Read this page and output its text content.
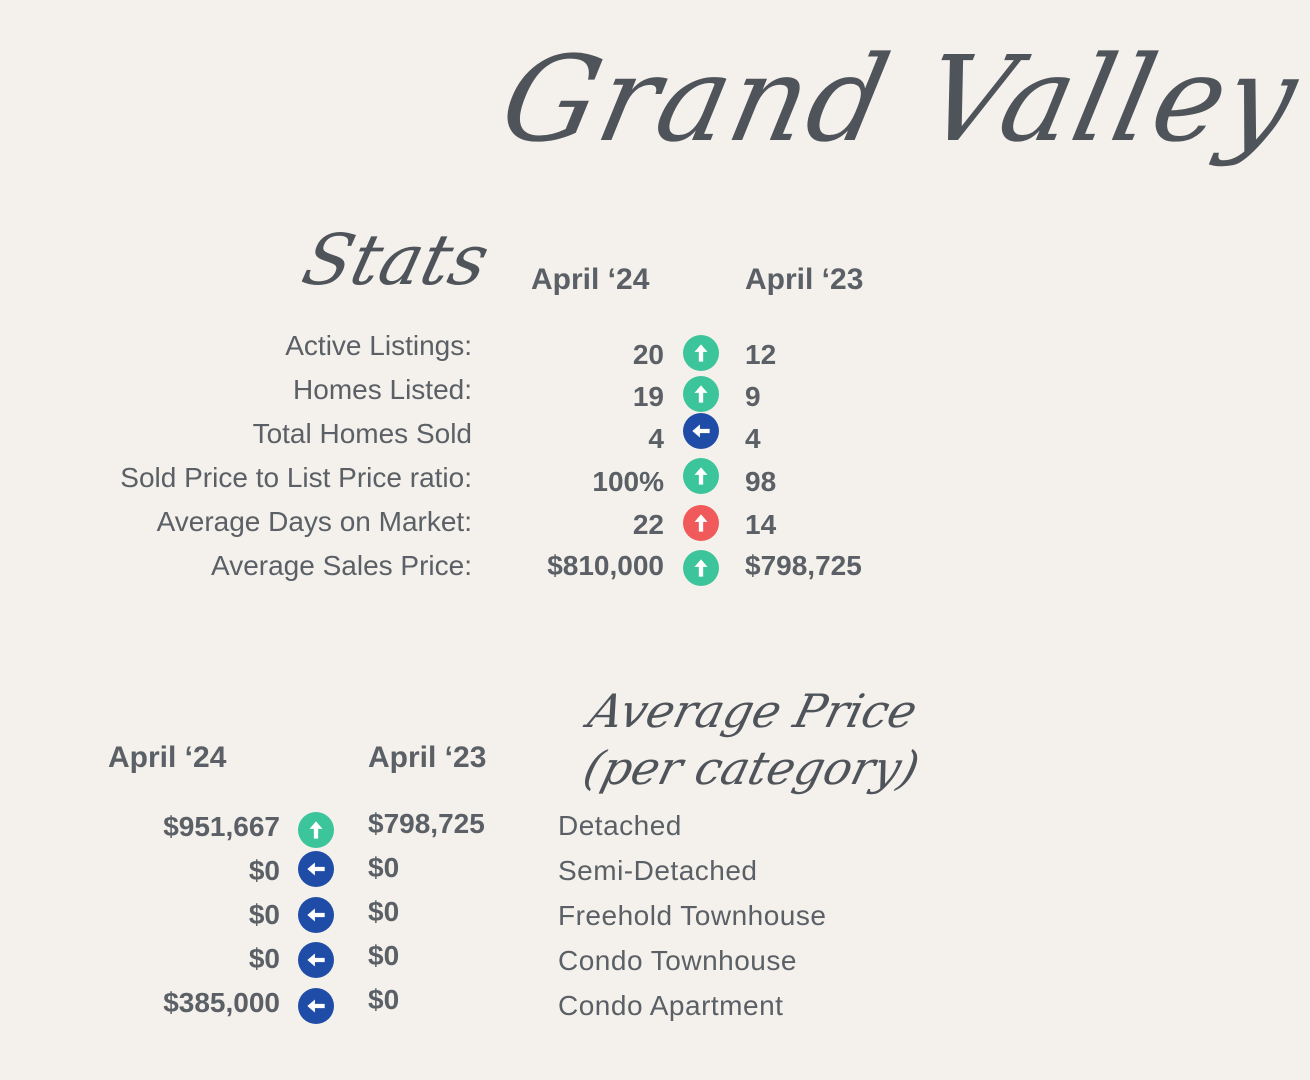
Grand Valley
Stats
Average Price
(per category)
April ‘24	April ‘23
Active Listings:	20	12
Homes Listed:	19	9
Total Homes Sold	4	4
Sold Price to List Price ratio:	100%	98
Average Days on Market:	22	14
Average Sales Price:	$810,000	$798,725
April ‘24	April ‘23
$951,667	$798,725	Detached
$0	$0	Semi-Detached
$0	$0	Freehold Townhouse
$0	$0	Condo Townhouse
$385,000	$0	Condo Apartment
